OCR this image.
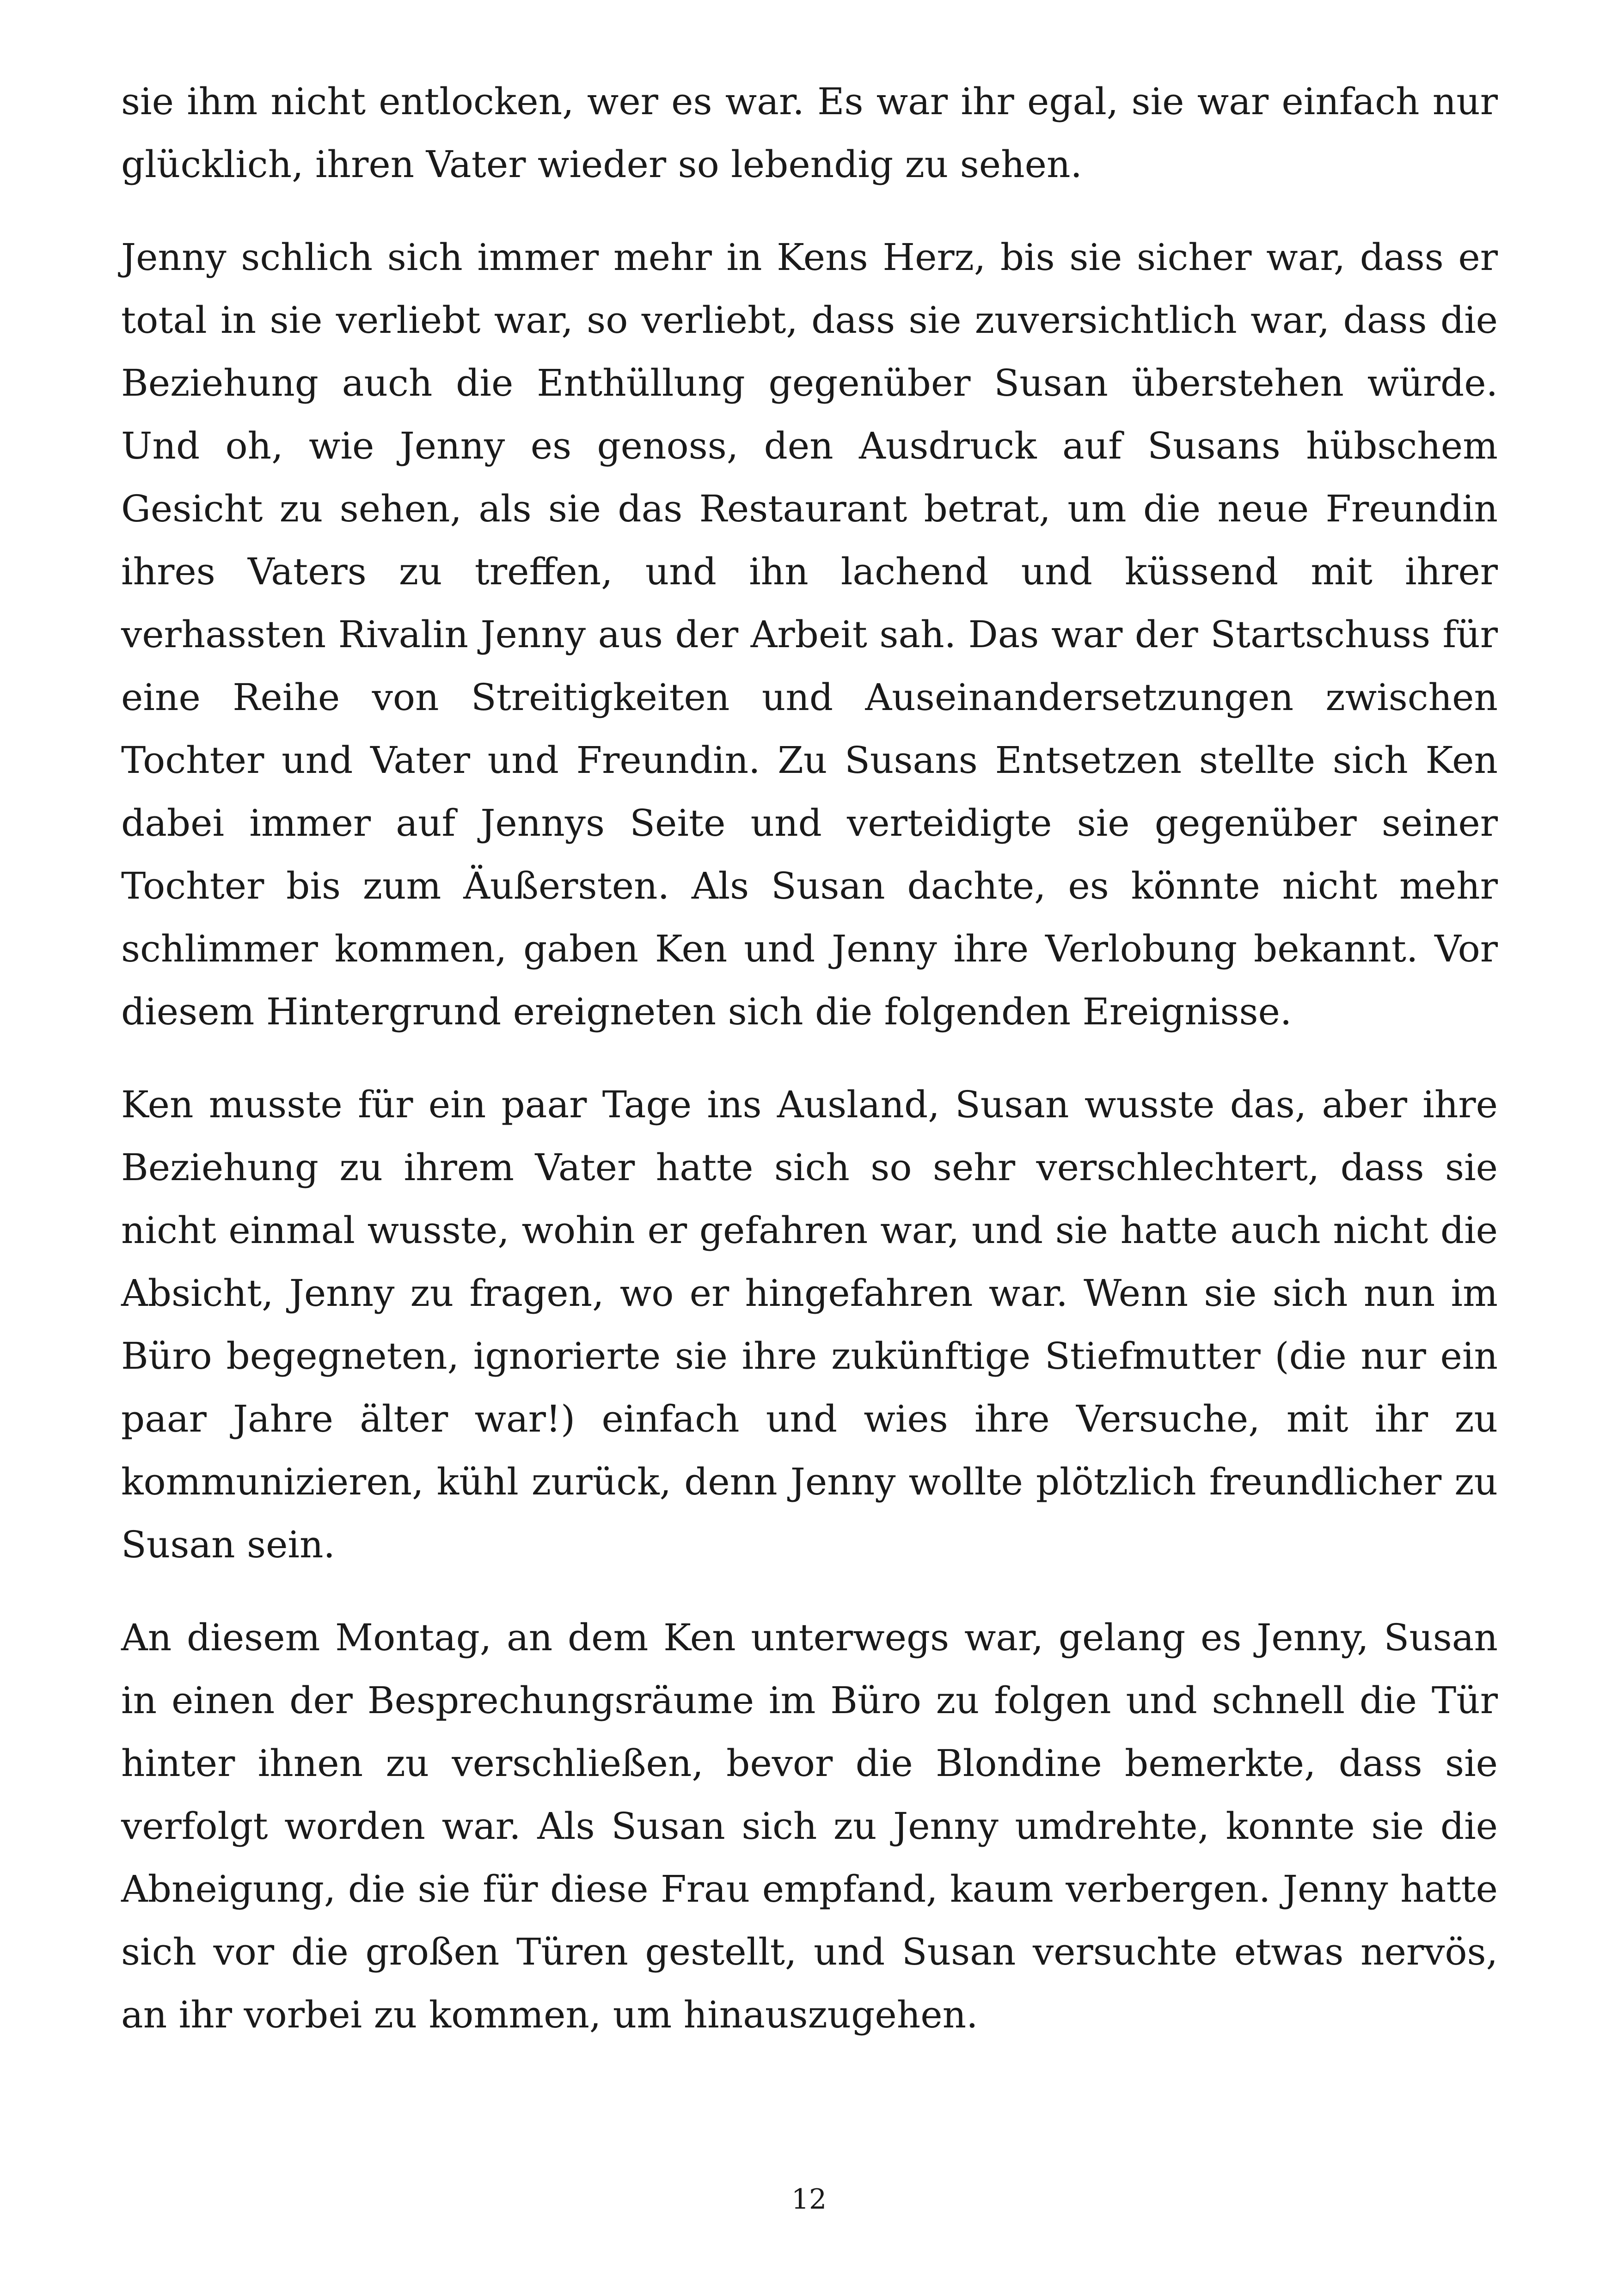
sie ihm nicht entlocken, wer es war. Es war ihr egal, sie war einfach nur glücklich, ihren Vater wieder so lebendig zu sehen.

Jenny schlich sich immer mehr in Kens Herz, bis sie sicher war, dass er total in sie verliebt war, so verliebt, dass sie zuversichtlich war, dass die Beziehung auch die Enthüllung gegenüber Susan überstehen würde. Und oh, wie Jenny es genoss, den Ausdruck auf Susans hübschem Gesicht zu sehen, als sie das Restaurant betrat, um die neue Freundin ihres Vaters zu treffen, und ihn lachend und küssend mit ihrer verhassten Rivalin Jenny aus der Arbeit sah. Das war der Startschuss für eine Reihe von Streitigkeiten und Auseinandersetzungen zwischen Tochter und Vater und Freundin. Zu Susans Entsetzen stellte sich Ken dabei immer auf Jennys Seite und verteidigte sie gegenüber seiner Tochter bis zum Äußersten. Als Susan dachte, es könnte nicht mehr schlimmer kommen, gaben Ken und Jenny ihre Verlobung bekannt. Vor diesem Hintergrund ereigneten sich die folgenden Ereignisse.

Ken musste für ein paar Tage ins Ausland, Susan wusste das, aber ihre Beziehung zu ihrem Vater hatte sich so sehr verschlechtert, dass sie nicht einmal wusste, wohin er gefahren war, und sie hatte auch nicht die Absicht, Jenny zu fragen, wo er hingefahren war. Wenn sie sich nun im Büro begegneten, ignorierte sie ihre zukünftige Stiefmutter (die nur ein paar Jahre älter war!) einfach und wies ihre Versuche, mit ihr zu kommunizieren, kühl zurück, denn Jenny wollte plötzlich freundlicher zu Susan sein.

An diesem Montag, an dem Ken unterwegs war, gelang es Jenny, Susan in einen der Besprechungsräume im Büro zu folgen und schnell die Tür hinter ihnen zu verschließen, bevor die Blondine bemerkte, dass sie verfolgt worden war. Als Susan sich zu Jenny umdrehte, konnte sie die Abneigung, die sie für diese Frau empfand, kaum verbergen. Jenny hatte sich vor die großen Türen gestellt, und Susan versuchte etwas nervös, an ihr vorbei zu kommen, um hinauszugehen.

12
